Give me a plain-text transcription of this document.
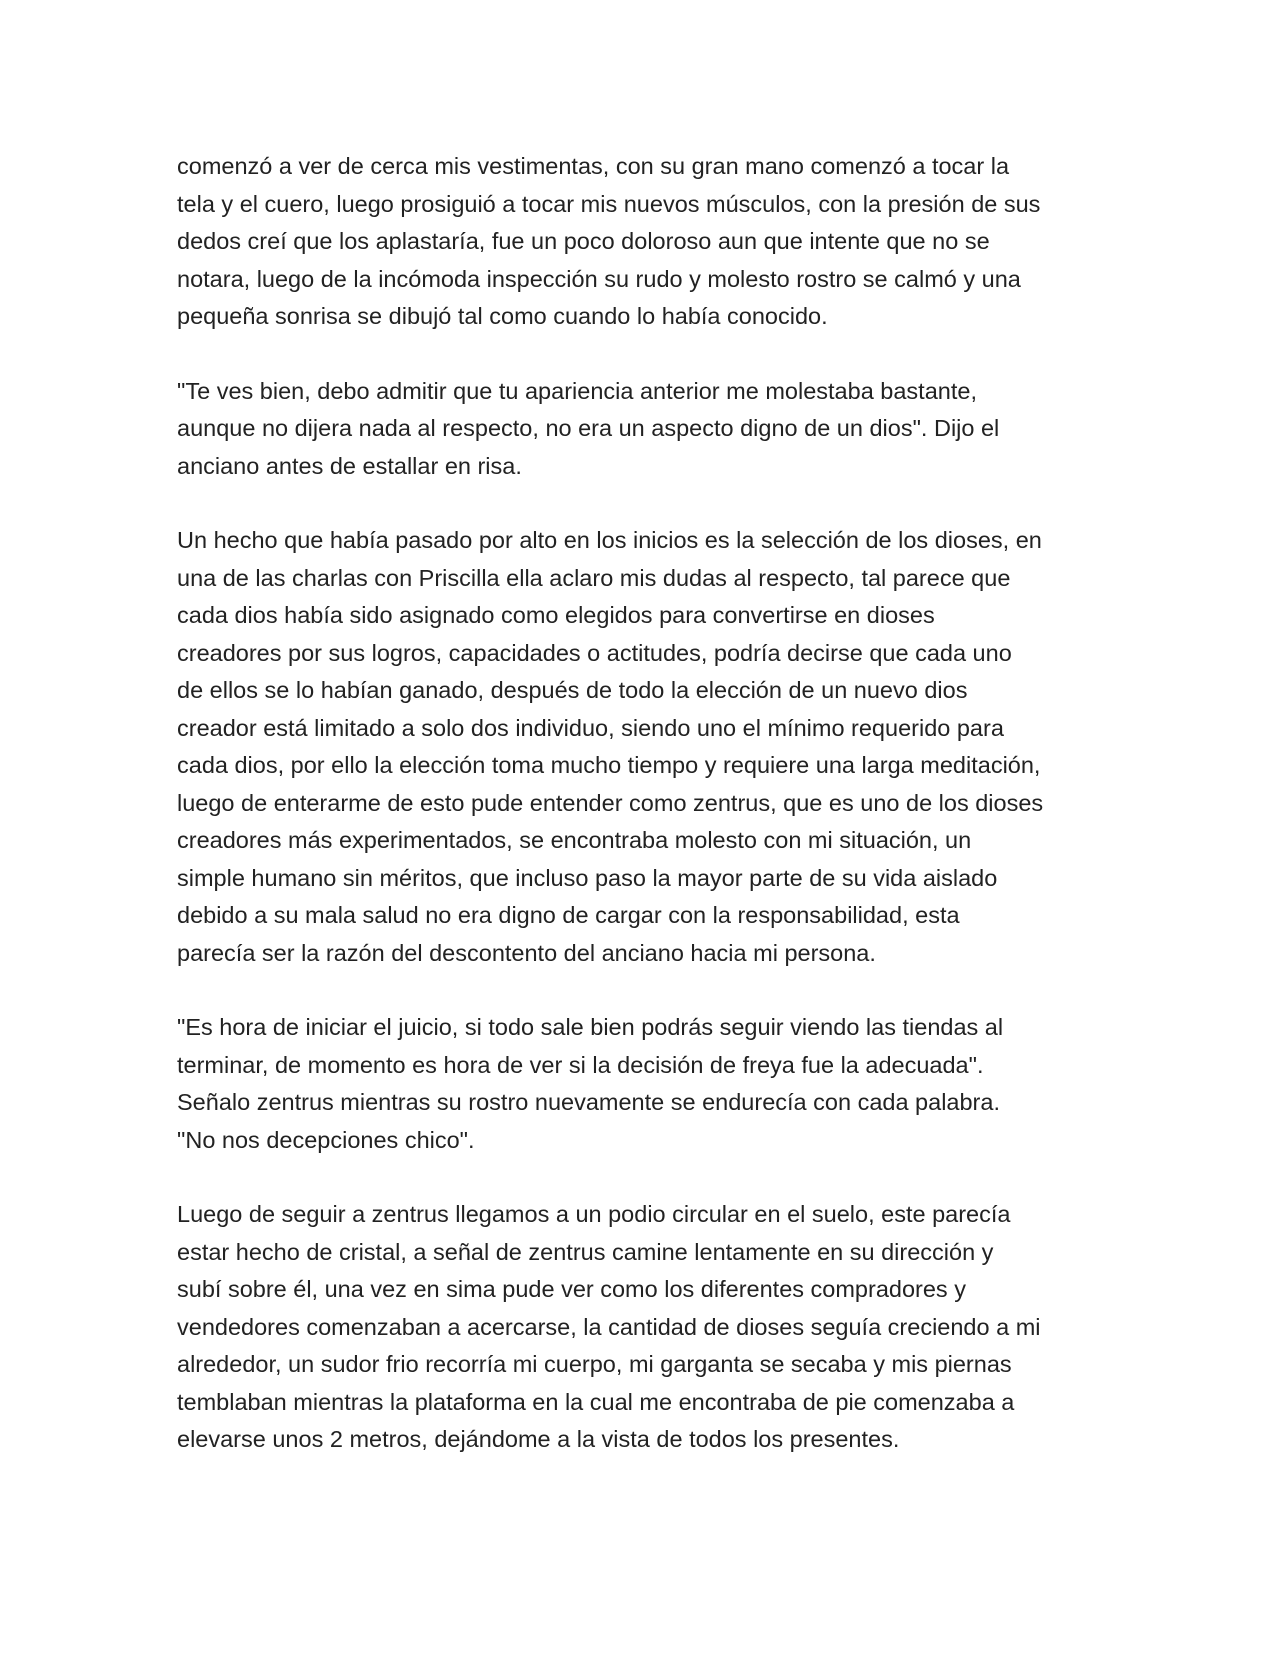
comenzó a ver de cerca mis vestimentas, con su gran mano comenzó a tocar la
tela y el cuero, luego prosiguió a tocar mis nuevos músculos, con la presión de sus
dedos creí que los aplastaría, fue un poco doloroso aun que intente que no se
notara, luego de la incómoda inspección su rudo y molesto rostro se calmó y una
pequeña sonrisa se dibujó tal como cuando lo había conocido.

"Te ves bien, debo admitir que tu apariencia anterior me molestaba bastante,
aunque no dijera nada al respecto, no era un aspecto digno de un dios". Dijo el
anciano antes de estallar en risa.

Un hecho que había pasado por alto en los inicios es la selección de los dioses, en
una de las charlas con Priscilla ella aclaro mis dudas al respecto, tal parece que
cada dios había sido asignado como elegidos para convertirse en dioses
creadores por sus logros, capacidades o actitudes, podría decirse que cada uno
de ellos se lo habían ganado, después de todo la elección de un nuevo dios
creador está limitado a solo dos individuo, siendo uno el mínimo requerido para
cada dios, por ello la elección toma mucho tiempo y requiere una larga meditación,
luego de enterarme de esto pude entender como zentrus, que es uno de los dioses
creadores más experimentados, se encontraba molesto con mi situación, un
simple humano sin méritos, que incluso paso la mayor parte de su vida aislado
debido a su mala salud no era digno de cargar con la responsabilidad, esta
parecía ser la razón del descontento del anciano hacia mi persona.

"Es hora de iniciar el juicio, si todo sale bien podrás seguir viendo las tiendas al
terminar, de momento es hora de ver si la decisión de freya fue la adecuada".
Señalo zentrus mientras su rostro nuevamente se endurecía con cada palabra.
"No nos decepciones chico".

Luego de seguir a zentrus llegamos a un podio circular en el suelo, este parecía
estar hecho de cristal, a señal de zentrus camine lentamente en su dirección y
subí sobre él, una vez en sima pude ver como los diferentes compradores y
vendedores comenzaban a acercarse, la cantidad de dioses seguía creciendo a mi
alrededor, un sudor frio recorría mi cuerpo, mi garganta se secaba y mis piernas
temblaban mientras la plataforma en la cual me encontraba de pie comenzaba a
elevarse unos 2 metros, dejándome a la vista de todos los presentes.
